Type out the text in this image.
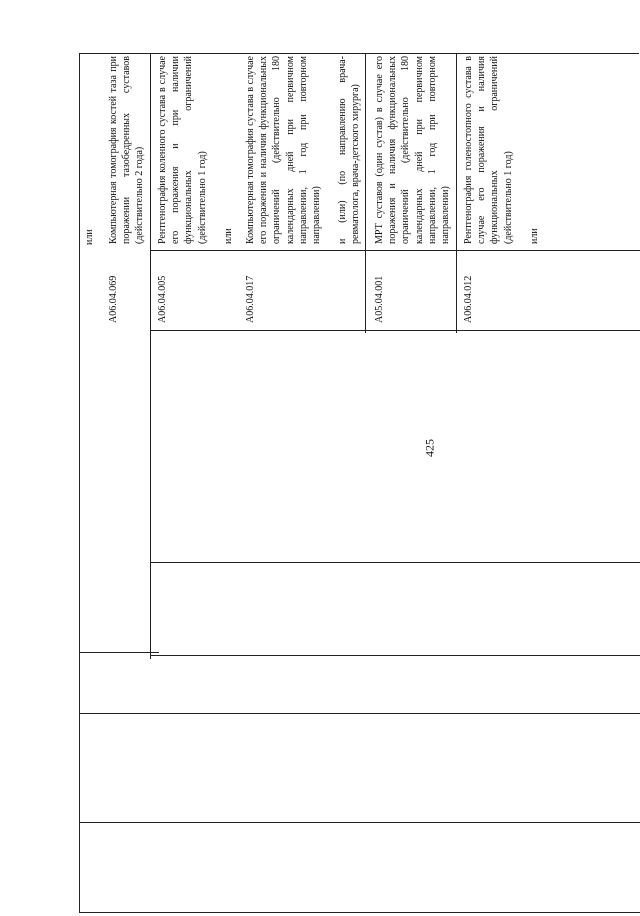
425

или

A06.04.069

Компьютерная томография костей таза при поражении тазобедренных суставов (действительно 2 года)

A06.04.005

Рентгенография коленного сустава в случае его поражения и при наличии функциональных ограничений (действительно 1 год) или

A06.04.017

Компьютерная томография сустава в случае его поражения и наличия функциональных ограничений (действительно 180 календарных дней при первичном направлении, 1 год при повторном направлении) и (или) (по направлению врача-ревматолога, врача-детского хирурга)

A05.04.001

МРТ суставов (один сустав) в случае его поражения и наличия функциональных ограничений (действительно 180 календарных дней при первичном направлении, 1 год при повторном направлении)

A06.04.012

Рентгенография голеностопного сустава в случае его поражения и наличия функциональных ограничений (действительно 1 год) или
